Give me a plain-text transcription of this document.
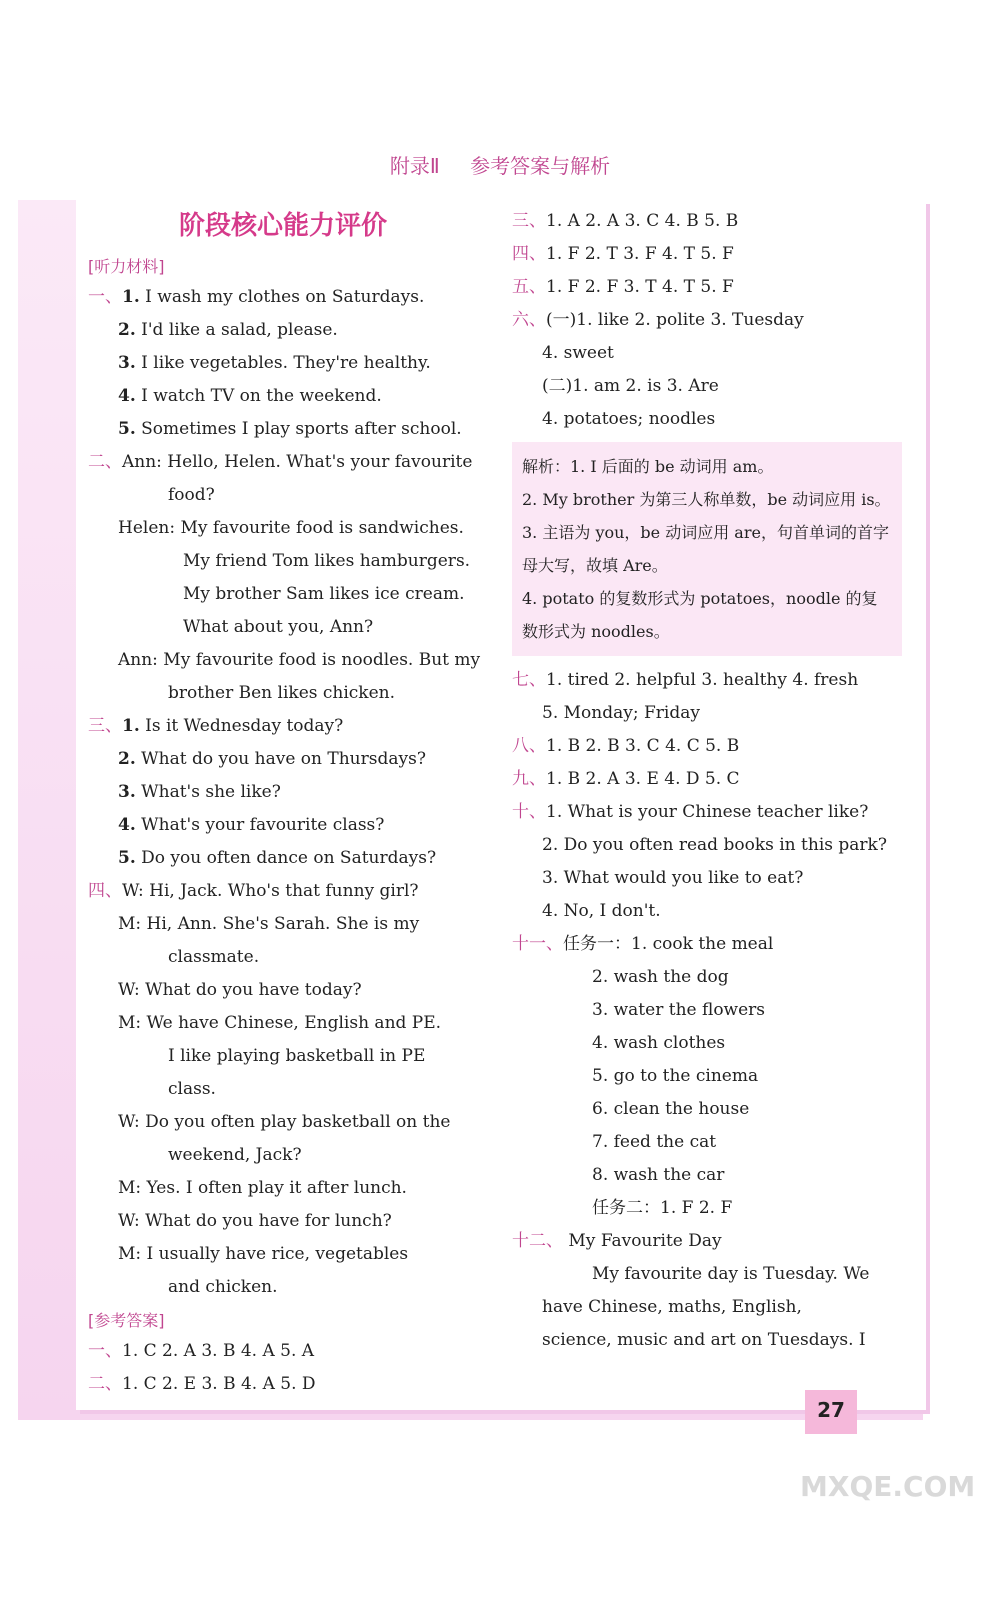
附录Ⅱ 参考答案与解析
阶段核心能力评价
[听力材料]
一、1. I wash my clothes on Saturdays.
2. I'd like a salad, please.
3. I like vegetables. They're healthy.
4. I watch TV on the weekend.
5. Sometimes I play sports after school.
二、Ann: Hello, Helen. What's your favourite
food?
Helen: My favourite food is sandwiches.
My friend Tom likes hamburgers.
My brother Sam likes ice cream.
What about you, Ann?
Ann: My favourite food is noodles. But my
brother Ben likes chicken.
三、1. Is it Wednesday today?
2. What do you have on Thursdays?
3. What's she like?
4. What's your favourite class?
5. Do you often dance on Saturdays?
四、W: Hi, Jack. Who's that funny girl?
M: Hi, Ann. She's Sarah. She is my
classmate.
W: What do you have today?
M: We have Chinese, English and PE.
I like playing basketball in PE
class.
W: Do you often play basketball on the
weekend, Jack?
M: Yes. I often play it after lunch.
W: What do you have for lunch?
M: I usually have rice, vegetables
and chicken.
[参考答案]
一、1. C 2. A 3. B 4. A 5. A
二、1. C 2. E 3. B 4. A 5. D
三、1. A 2. A 3. C 4. B 5. B
四、1. F 2. T 3. F 4. T 5. F
五、1. F 2. F 3. T 4. T 5. F
六、(一)1. like 2. polite 3. Tuesday
4. sweet
(二)1. am 2. is 3. Are
4. potatoes; noodles
解析：1. I 后面的 be 动词用 am。
2. My brother 为第三人称单数，be 动词应用 is。
3. 主语为 you，be 动词应用 are，句首单词的首字母大写，故填 Are。
4. potato 的复数形式为 potatoes，noodle 的复数形式为 noodles。
七、1. tired 2. helpful 3. healthy 4. fresh
5. Monday; Friday
八、1. B 2. B 3. C 4. C 5. B
九、1. B 2. A 3. E 4. D 5. C
十、1. What is your Chinese teacher like?
2. Do you often read books in this park?
3. What would you like to eat?
4. No, I don't.
十一、任务一：1. cook the meal
2. wash the dog
3. water the flowers
4. wash clothes
5. go to the cinema
6. clean the house
7. feed the cat
8. wash the car
任务二：1. F 2. F
十二、 My Favourite Day
My favourite day is Tuesday. We
have Chinese, maths, English,
science, music and art on Tuesdays. I
27
MXQE.COM
